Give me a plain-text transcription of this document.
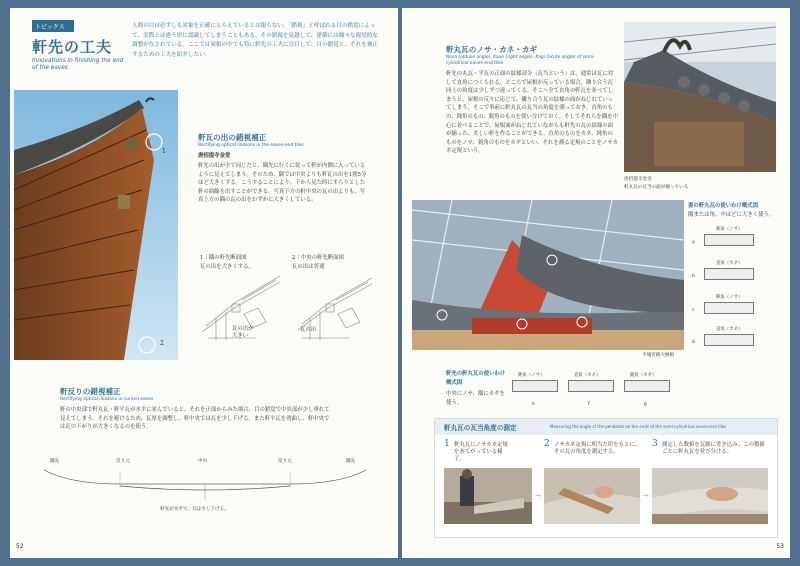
トピックス
軒先の工夫
Innovations in finishing the end of the eaves

人間の目は必ずしも対象を正確にとらえているとは限らない。「錯視」と呼ばれる目の錯覚によって、実際とは違う形に認識してしまうこともある。その錯視を見越して、建築には様々な視覚的な調整がなされている。ここでは屋根の中でも特に軒先の工夫に注目して、目の錯覚と、それを補正するための工夫を紹介したい。

1
2
軒瓦の出の錯視補正
Rectifying optical illusions in the eaves-end tiles
唐招提寺金堂

軒先の出が全て同じだと、隅先に行くに従って軒が内側に入っているように見えてしまう。そのため、隅では中央よりも軒瓦の出を1割5分ほど大きくする。こうすることにより、下から見た時にすらりとした軒の曲線を出すことができる。写真下方の軒中央の瓦の出よりも、写真上方の隅の瓦の出をわずかに大きくしている。

1｜隅の軒先断面図
瓦の出を大きくする。
瓦の出が大きい
2｜中央の軒先断面図
瓦の出は普通
瓦の出
軒反りの錯視補正
Rectifying optical illusions in curved eaves

軒の中央部で軒丸瓦・軒平瓦が水平に並んでいると、それを正面からみた場合、目の錯覚で中央部が少し垂れて見えてしまう。それを避けるため、瓦厚を調整し、軒中央では瓦を少し下げる。また軒平瓦を湾曲し、軒中央では瓦の下がりが大きくなるのを使う。

隅先	反り元	中央	反り元	隅先
軒先が水平で、瓦は少し下げる。
52
軒丸瓦のノサ・カネ・カギ
Nosa (obtuse angle), Kane (right angle), Kagi (acute angle) of semi-cylindrical eaves-end tiles

軒先の丸瓦・平瓦の正面の紋様部分（瓦当という）は、通常は瓦に対して直角につくられる。ところで屋根が反っている場合、隣り合う瓦同士の角度は少しずつ違ってくる。そこへ全て直角の軒瓦を並べてしまうと、屋根の反りに応じて、隣り合う瓦の紋様の面がねじれていってしまう。そこで事前に軒丸瓦の瓦当の角度を測っておき、直角のもの、鈍角のもの、鋭角のものを使い分けておく。そしてそれらを隅を中心に並べることで、屋根面がねじれていながらも軒先の瓦の紋様の面が揃った、美しい軒を作ることができる。直角のものをカネ、鈍角のものをノサ、鋭角のものをカギといい、それを測る定規のことをノサカネ定規という。

唐招提寺金堂
軒丸瓦の瓦当の面が揃っている
平城宮跡大極殿
妻の軒丸瓦の使いわけ概式図
隅または角、中はどに大きく使う。
a
鈍角（ノサ）
b
直角（カネ）
c
鈍角（ノサ）
d
直角（カネ）
軒先の軒丸瓦の使いわけ概式図
中央にノサ、隅にカギを使う。
鈍角（ノサ）
e
直角（カネ）
f
鋭角（カギ）
g
軒丸瓦の瓦当角度の測定	Measuring the angle of the pendants on the ends of the semi-cylindrical eaves-end tiles
1 軒丸瓦にノサカネ定規をあてがっている様子。
→
2 ノサカネ定規に相当た印をもとに、その瓦の角度を測定する。
→
3 測定した数値を瓦細に書き込み、この数値ごとに軒丸瓦を並び分ける。
53
